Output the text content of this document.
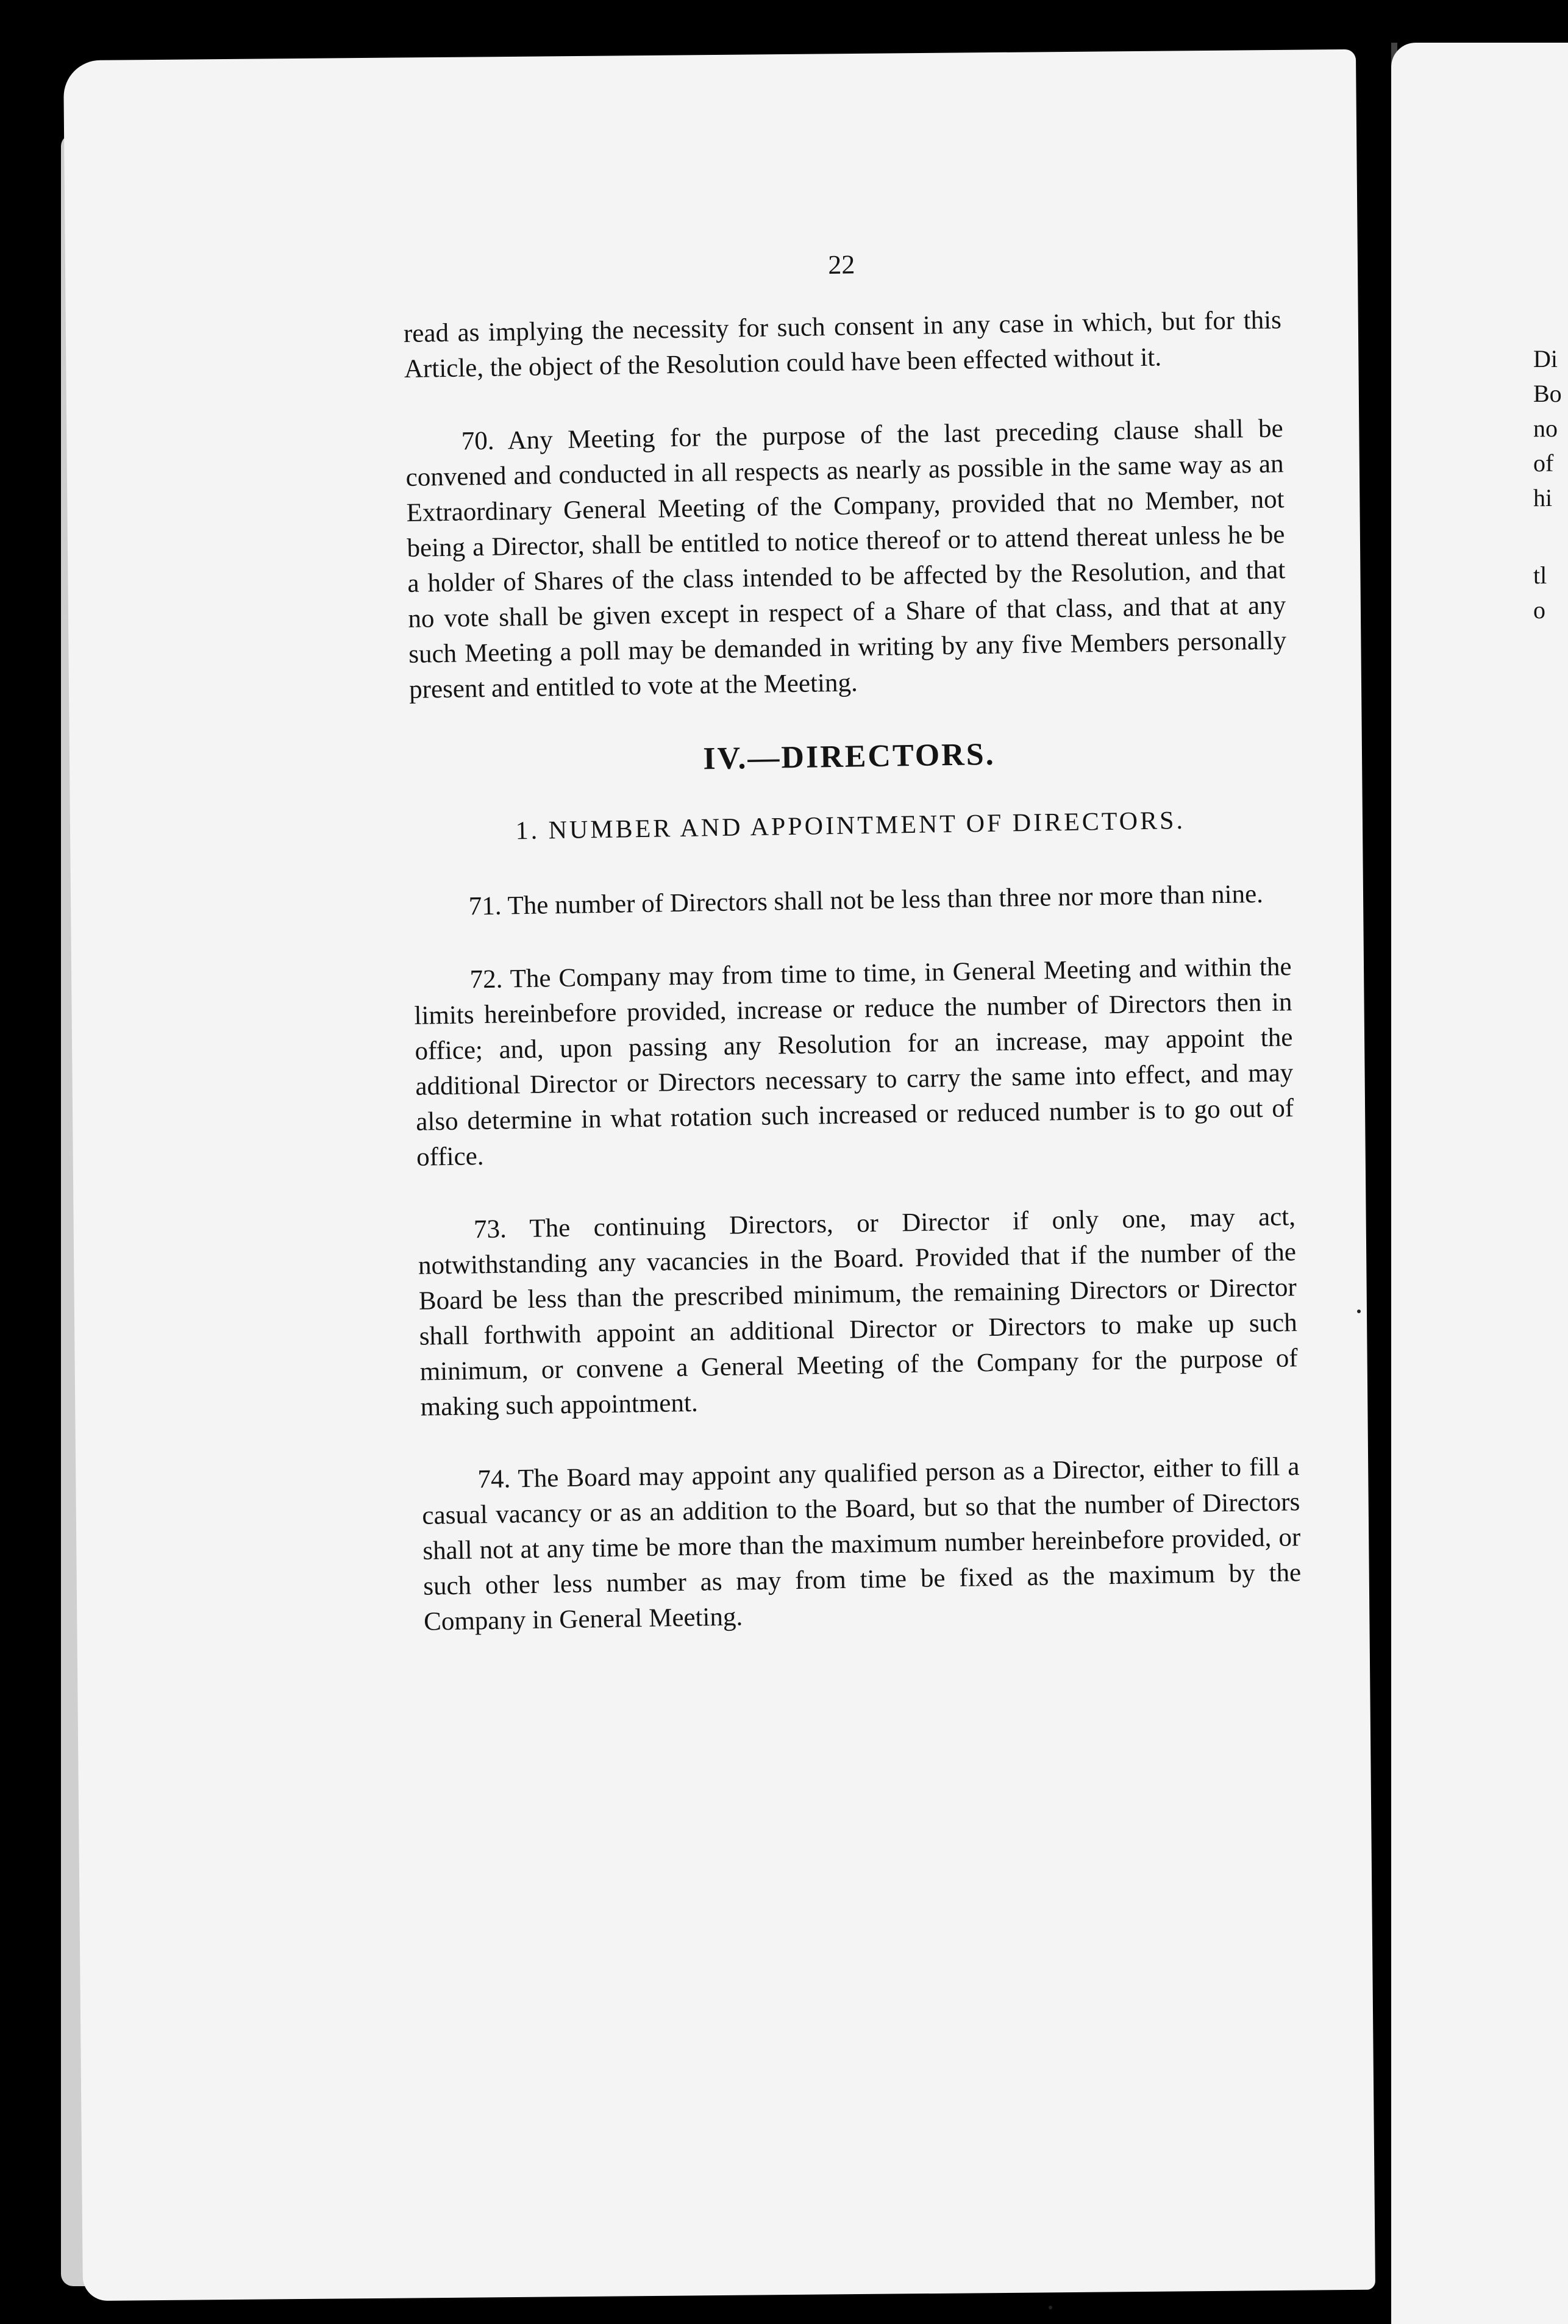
22

read as implying the necessity for such consent in any case in which, but for this Article, the object of the Resolution could have been effected without it.

70. Any Meeting for the purpose of the last preceding clause shall be convened and conducted in all respects as nearly as possible in the same way as an Extraordinary General Meeting of the Company, provided that no Member, not being a Director, shall be entitled to notice thereof or to attend thereat unless he be a holder of Shares of the class intended to be affected by the Resolution, and that no vote shall be given except in respect of a Share of that class, and that at any such Meeting a poll may be demanded in writing by any five Members personally present and entitled to vote at the Meeting.

IV.—DIRECTORS.
1. NUMBER AND APPOINTMENT OF DIRECTORS.

71. The number of Directors shall not be less than three nor more than nine.

72. The Company may from time to time, in General Meeting and within the limits hereinbefore provided, increase or reduce the number of Directors then in office; and, upon passing any Resolution for an increase, may appoint the additional Director or Directors necessary to carry the same into effect, and may also determine in what rotation such increased or reduced number is to go out of office.

73. The continuing Directors, or Director if only one, may act, notwithstanding any vacancies in the Board. Provided that if the number of the Board be less than the prescribed minimum, the remaining Directors or Director shall forthwith appoint an additional Director or Directors to make up such minimum, or convene a General Meeting of the Company for the purpose of making such appointment.

74. The Board may appoint any qualified person as a Director, either to fill a casual vacancy or as an addition to the Board, but so that the number of Directors shall not at any time be more than the maximum number hereinbefore provided, or such other less number as may from time be fixed as the maximum by the Company in General Meeting.

Di
Bo
no
of
hi
tl
o
